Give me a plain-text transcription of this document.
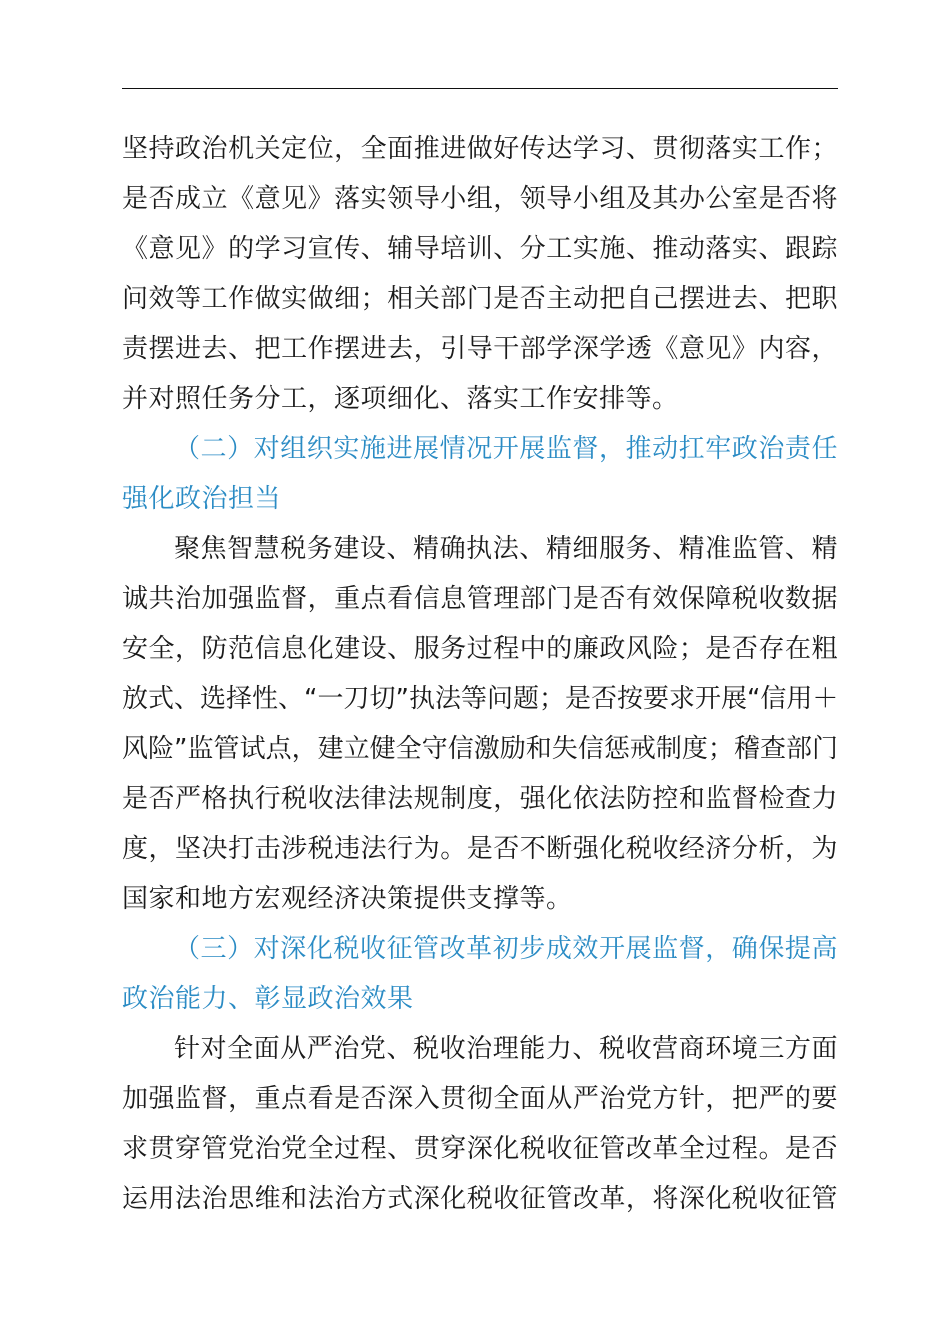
坚持政治机关定位，全面推进做好传达学习、贯彻落实工作；
是否成立《意见》落实领导小组，领导小组及其办公室是否将
《意见》的学习宣传、辅导培训、分工实施、推动落实、跟踪
问效等工作做实做细；相关部门是否主动把自己摆进去、把职
责摆进去、把工作摆进去，引导干部学深学透《意见》内容，
并对照任务分工，逐项细化、落实工作安排等。
（二）对组织实施进展情况开展监督，推动扛牢政治责任
强化政治担当
聚焦智慧税务建设、精确执法、精细服务、精准监管、精
诚共治加强监督，重点看信息管理部门是否有效保障税收数据
安全，防范信息化建设、服务过程中的廉政风险；是否存在粗
放式、选择性、“一刀切”执法等问题；是否按要求开展“信用＋
风险”监管试点，建立健全守信激励和失信惩戒制度；稽查部门
是否严格执行税收法律法规制度，强化依法防控和监督检查力
度，坚决打击涉税违法行为。是否不断强化税收经济分析，为
国家和地方宏观经济决策提供支撑等。
（三）对深化税收征管改革初步成效开展监督，确保提高
政治能力、彰显政治效果
针对全面从严治党、税收治理能力、税收营商环境三方面
加强监督，重点看是否深入贯彻全面从严治党方针，把严的要
求贯穿管党治党全过程、贯穿深化税收征管改革全过程。是否
运用法治思维和法治方式深化税收征管改革，将深化税收征管
